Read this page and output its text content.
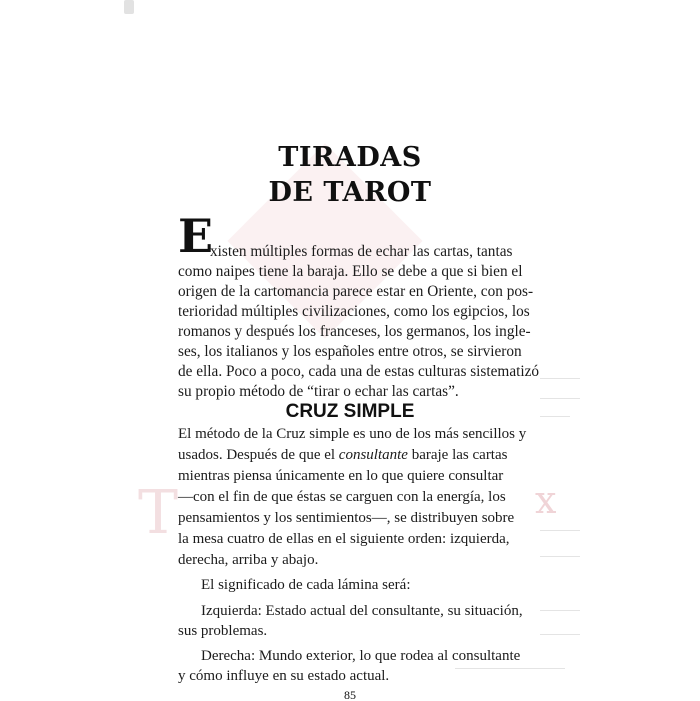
T	x
TIRADAS
DE TAROT
E
xisten múltiples formas de echar las cartas, tantas
como naipes tiene la baraja. Ello se debe a que si bien el
origen de la cartomancia parece estar en Oriente, con pos-
terioridad múltiples civilizaciones, como los egipcios, los
romanos y después los franceses, los germanos, los ingle-
ses, los italianos y los españoles entre otros, se sirvieron
de ella. Poco a poco, cada una de estas culturas sistematizó
su propio método de “tirar o echar las cartas”.
CRUZ SIMPLE
El método de la Cruz simple es uno de los más sencillos y
usados. Después de que el consultante baraje las cartas
mientras piensa únicamente en lo que quiere consultar
—con el fin de que éstas se carguen con la energía, los
pensamientos y los sentimientos—, se distribuyen sobre
la mesa cuatro de ellas en el siguiente orden: izquierda,
derecha, arriba y abajo.
El significado de cada lámina será:
Izquierda: Estado actual del consultante, su situación,
sus problemas.
Derecha: Mundo exterior, lo que rodea al consultante
y cómo influye en su estado actual.
85
